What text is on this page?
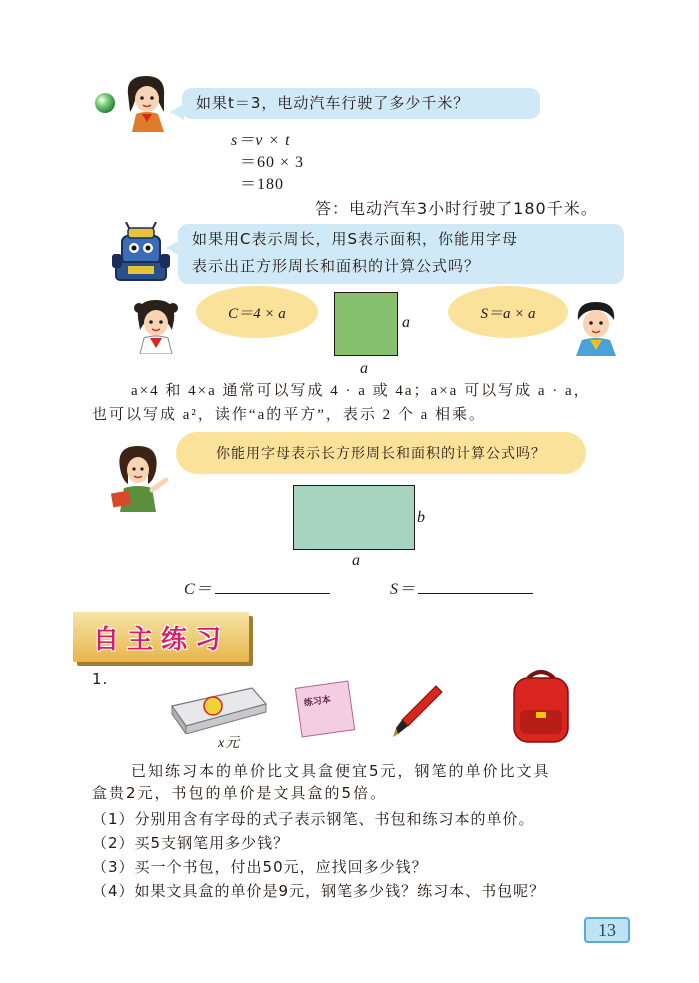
如果t＝3，电动汽车行驶了多少千米？
s＝v × t
＝60 × 3
＝180
答：电动汽车3小时行驶了180千米。
如果用C表示周长，用S表示面积，你能用字母
表示出正方形周长和面积的计算公式吗？
C＝4 × a
a
a
S＝a × a
a×4 和 4×a 通常可以写成 4 · a 或 4a；a×a 可以写成 a · a，
也可以写成 a²，读作“a的平方”，表示 2 个 a 相乘。
你能用字母表示长方形周长和面积的计算公式吗？
b
a
C＝	S＝
自主练习
1.
x元
练习本
已知练习本的单价比文具盒便宜5元，钢笔的单价比文具
盒贵2元，书包的单价是文具盒的5倍。
（1）分别用含有字母的式子表示钢笔、书包和练习本的单价。
（2）买5支钢笔用多少钱？
（3）买一个书包，付出50元，应找回多少钱？
（4）如果文具盒的单价是9元，钢笔多少钱？练习本、书包呢？
13
